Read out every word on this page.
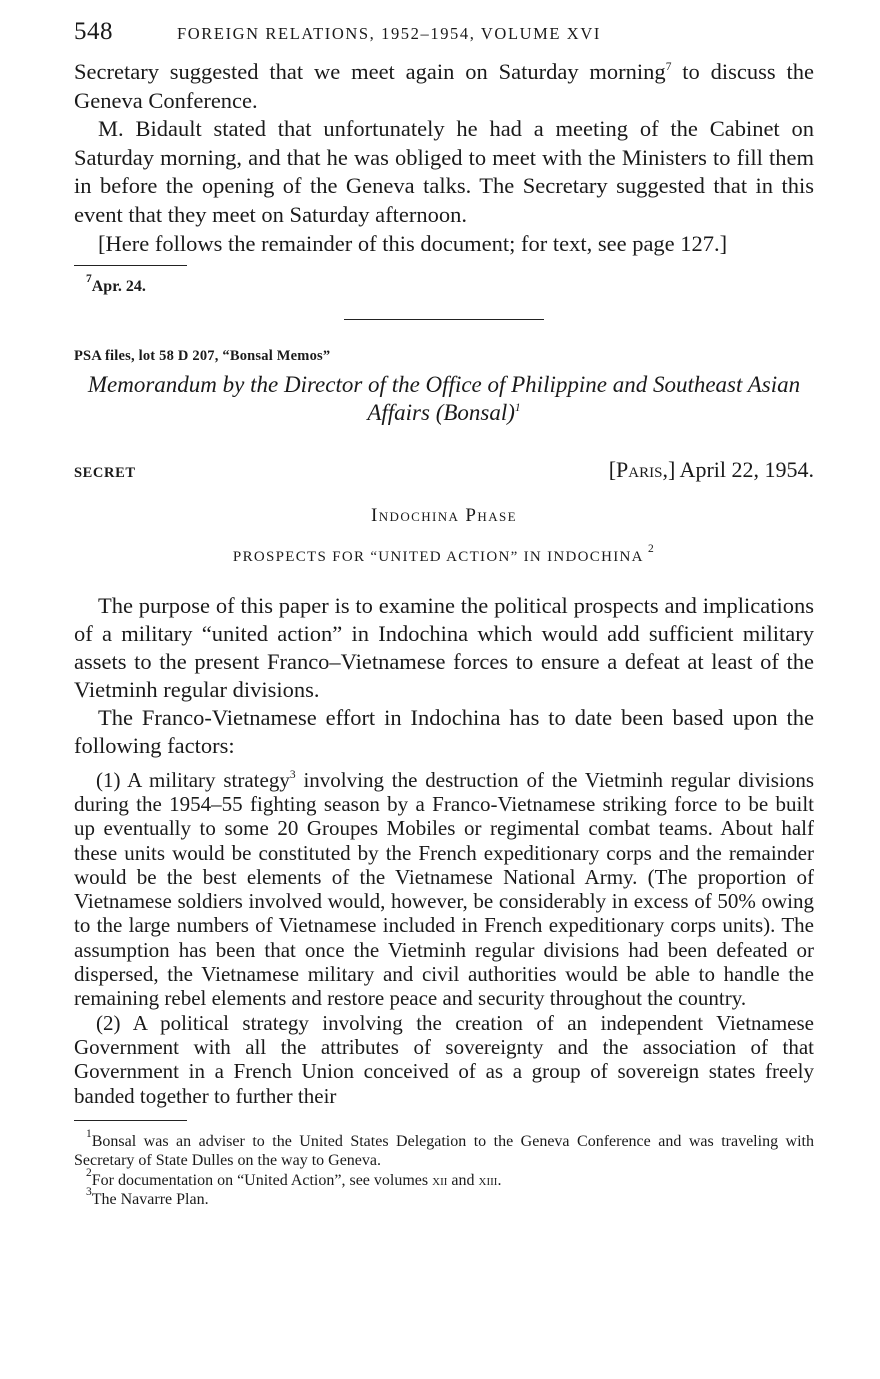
548	FOREIGN RELATIONS, 1952–1954, VOLUME XVI

Secretary suggested that we meet again on Saturday morning$^7$ to discuss the Geneva Conference.

M. Bidault stated that unfortunately he had a meeting of the Cabinet on Saturday morning, and that he was obliged to meet with the Ministers to fill them in before the opening of the Geneva talks. The Secretary suggested that in this event that they meet on Saturday afternoon.

[Here follows the remainder of this document; for text, see page 127.]

$^7$Apr. 24.

PSA files, lot 58 D 207, “Bonsal Memos”

Memorandum by the Director of the Office of Philippine and Southeast Asian Affairs (Bonsal)$^1$

SECRET	[Paris,] April 22, 1954.

Indochina Phase

PROSPECTS FOR “UNITED ACTION” IN INDOCHINA $^2$

The purpose of this paper is to examine the political prospects and implications of a military “united action” in Indochina which would add sufficient military assets to the present Franco–Vietnamese forces to ensure a defeat at least of the Vietminh regular divisions.

The Franco-Vietnamese effort in Indochina has to date been based upon the following factors:

(1) A military strategy$^3$ involving the destruction of the Vietminh regular divisions during the 1954–55 fighting season by a Franco-Vietnamese striking force to be built up eventually to some 20 Groupes Mobiles or regimental combat teams. About half these units would be constituted by the French expeditionary corps and the remainder would be the best elements of the Vietnamese National Army. (The proportion of Vietnamese soldiers involved would, however, be considerably in excess of 50% owing to the large numbers of Vietnamese included in French expeditionary corps units). The assumption has been that once the Vietminh regular divisions had been defeated or dispersed, the Vietnamese military and civil authorities would be able to handle the remaining rebel elements and restore peace and security throughout the country.

(2) A political strategy involving the creation of an independent Vietnamese Government with all the attributes of sovereignty and the association of that Government in a French Union conceived of as a group of sovereign states freely banded together to further their

$^1$Bonsal was an adviser to the United States Delegation to the Geneva Conference and was traveling with Secretary of State Dulles on the way to Geneva.

$^2$For documentation on “United Action”, see volumes xii and xiii.

$^3$The Navarre Plan.
